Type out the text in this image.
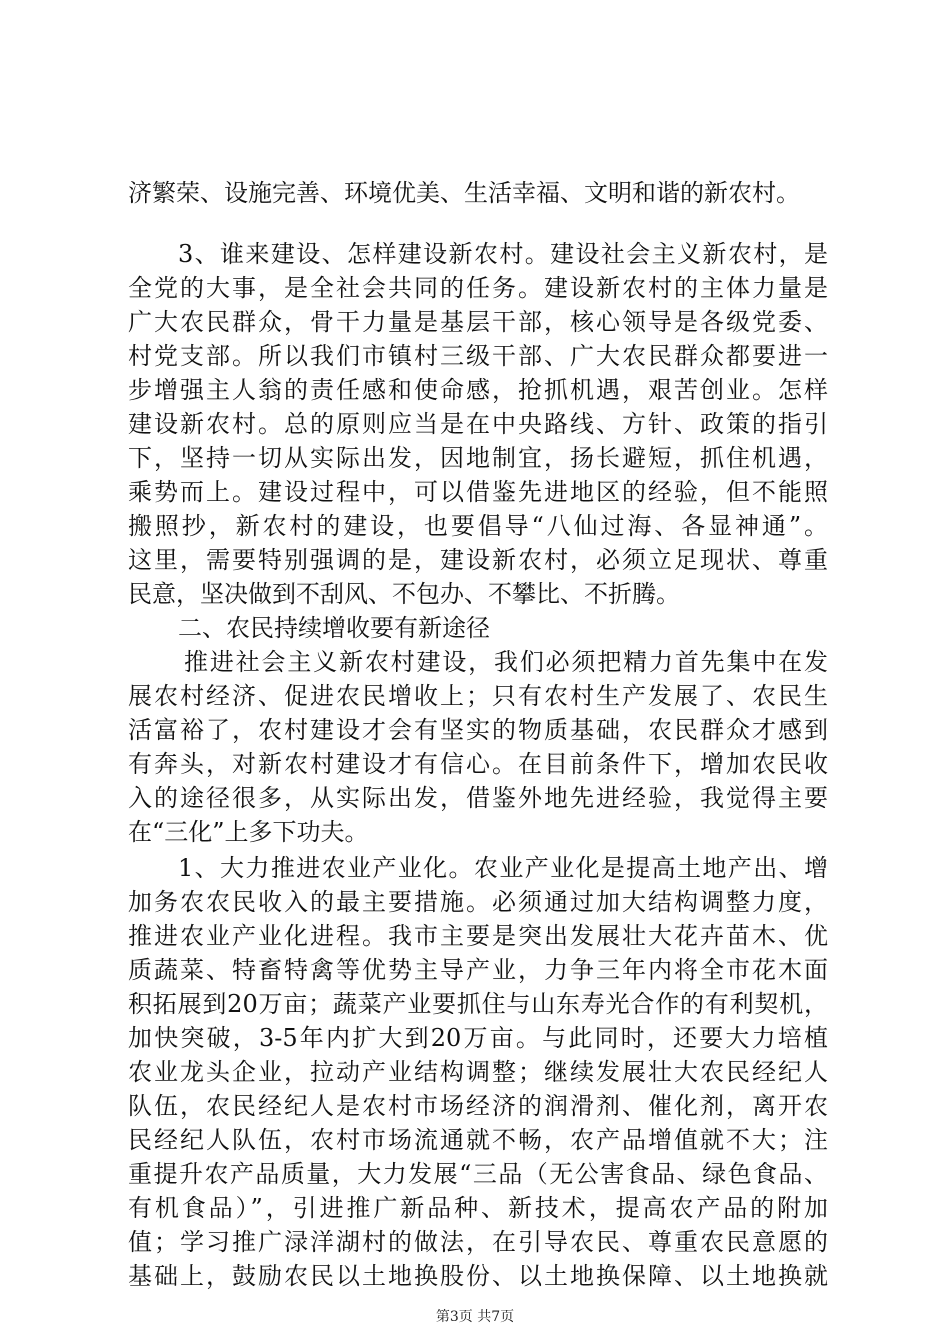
济繁荣、设施完善、环境优美、生活幸福、文明和谐的新农村。
3、谁来建设、怎样建设新农村。建设社会主义新农村，是
全党的大事，是全社会共同的任务。建设新农村的主体力量是
广大农民群众，骨干力量是基层干部，核心领导是各级党委、
村党支部。所以我们市镇村三级干部、广大农民群众都要进一
步增强主人翁的责任感和使命感，抢抓机遇，艰苦创业。怎样
建设新农村。总的原则应当是在中央路线、方针、政策的指引
下，坚持一切从实际出发，因地制宜，扬长避短，抓住机遇，
乘势而上。建设过程中，可以借鉴先进地区的经验，但不能照
搬照抄，新农村的建设，也要倡导“八仙过海、各显神通”。
这里，需要特别强调的是，建设新农村，必须立足现状、尊重
民意，坚决做到不刮风、不包办、不攀比、不折腾。
二、农民持续增收要有新途径
推进社会主义新农村建设，我们必须把精力首先集中在发
展农村经济、促进农民增收上；只有农村生产发展了、农民生
活富裕了，农村建设才会有坚实的物质基础，农民群众才感到
有奔头，对新农村建设才有信心。在目前条件下，增加农民收
入的途径很多，从实际出发，借鉴外地先进经验，我觉得主要
在“三化”上多下功夫。
1、大力推进农业产业化。农业产业化是提高土地产出、增
加务农农民收入的最主要措施。必须通过加大结构调整力度，
推进农业产业化进程。我市主要是突出发展壮大花卉苗木、优
质蔬菜、特畜特禽等优势主导产业，力争三年内将全市花木面
积拓展到20万亩；蔬菜产业要抓住与山东寿光合作的有利契机，
加快突破，3-5年内扩大到20万亩。与此同时，还要大力培植
农业龙头企业，拉动产业结构调整；继续发展壮大农民经纪人
队伍，农民经纪人是农村市场经济的润滑剂、催化剂，离开农
民经纪人队伍，农村市场流通就不畅，农产品增值就不大；注
重提升农产品质量，大力发展“三品（无公害食品、绿色食品、
有机食品）”，引进推广新品种、新技术，提高农产品的附加
值；学习推广渌洋湖村的做法，在引导农民、尊重农民意愿的
基础上，鼓励农民以土地换股份、以土地换保障、以土地换就
第3页 共7页
